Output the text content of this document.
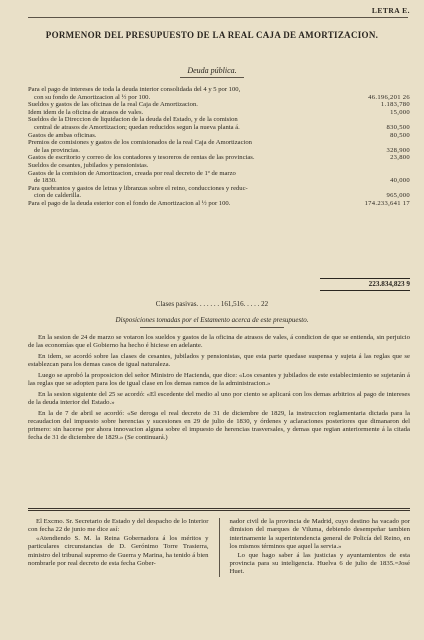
LETRA E.
PORMENOR DEL PRESUPUESTO DE LA REAL CAJA DE AMORTIZACION.
Deuda pública.
Para el pago de intereses de toda la deuda interior consolidada del 4 y 5 por 100,
con su fondo de Amortizacion al ½ por 100.	46.196,201 26
Sueldos y gastos de las oficinas de la real Caja de Amortizacion.	1.183,780
Idem idem de la oficina de atrasos de vales.	15,000
Sueldos de la Direccion de liquidacion de la deuda del Estado, y de la comision
central de atrasos de Amortizacion; quedan reducidos segun la nueva planta á.	830,500
Gastos de ambas oficinas.	80,500
Premios de comisiones y gastos de los comisionados de la real Caja de Amortizacion
de las provincias.	328,900
Gastos de escritorio y correo de los contadores y tesoreros de rentas de las provincias.	23,800
Sueldos de cesantes, jubilados y pensionistas.
Gastos de la comision de Amortizacion, creada por real decreto de 1º de marzo
de 1830.	40,000
Para quebrantos y gastos de letras y libranzas sobre el reino, conducciones y reduc-
cion de calderilla.	965,000
Para el pago de la deuda esterior con el fondo de Amortizacion al ½ por 100.	174.233,641 17
223.834,823 9
Clases pasivas. . . . . . . 161,516. . . . . 22
Disposiciones tomadas por el Estamento acerca de este presupuesto.

En la sesion de 24 de marzo se votaron los sueldos y gastos de la oficina de atrasos de vales, á condicion de que se entienda, sin perjuicio de las economías que el Gobierno ha hecho é hiciese en adelante.

En idem, se acordó sobre las clases de cesantes, jubilados y pensionistas, que esta parte quedase suspensa y sujeta á las reglas que se establezcan para los demas casos de igual naturaleza.

Luego se aprobó la proposicion del señor Ministro de Hacienda, que dice: «Los cesantes y jubilados de este establecimiento se sujetarán á las reglas que se adopten para los de igual clase en los demas ramos de la administracion.»

En la sesion siguiente del 25 se acordó: «El escedente del medio al uno por ciento se aplicará con los demas arbitrios al pago de intereses de la deuda interior del Estado.»

En la de 7 de abril se acordó: «Se deroga el real decreto de 31 de diciembre de 1829, la instruccion reglamentaria dictada para la recaudacion del impuesto sobre herencias y sucesiones en 29 de julio de 1830, y órdenes y aclaraciones posteriores que dimanaron del primero: sin hacerse por ahora innovacion alguna sobre el impuesto de herencias trasversales, y demas que regian anteriormente á la citada fecha de 31 de diciembre de 1829.» (Se continuará.)

El Excmo. Sr. Secretario de Estado y del despacho de lo Interior con fecha 22 de junio me dice así:

«Atendiendo S. M. la Reina Gobernadora á los méritos y particulares circunstancias de D. Gerónimo Torre Trasierra, ministro del tribunal supremo de Guerra y Marina, ha tenido á bien nombrarle por real decreto de esta fecha Gober-

nador civil de la provincia de Madrid, cuyo destino ha vacado por dimision del marques de Viluma, debiendo desempeñar tambien interinamente la superintendencia general de Policía del Reino, en los mismos términos que aquel la servia.»

Lo que hago saber á las justicias y ayuntamientos de esta provincia para su inteligencia. Huelva 6 de julio de 1835.=José Huet.
